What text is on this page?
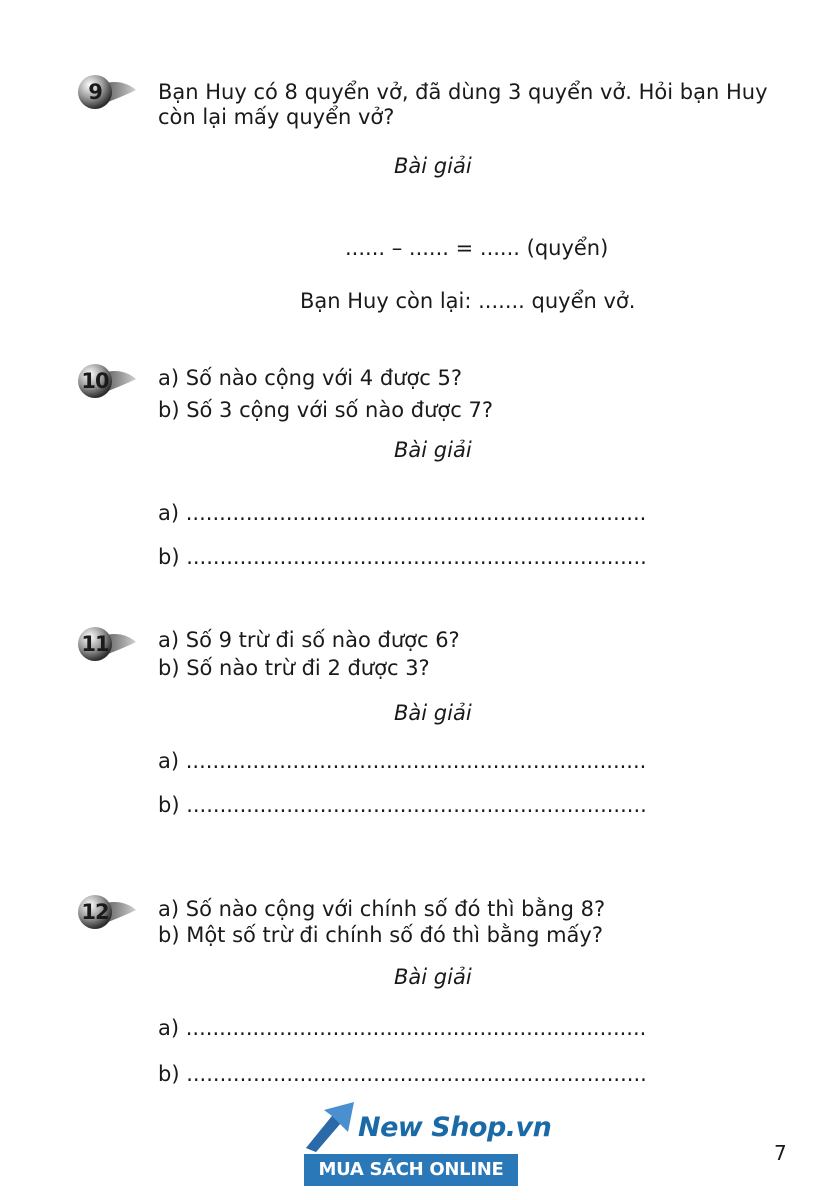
9	Bạn Huy có 8 quyển vở, đã dùng 3 quyển vở. Hỏi bạn Huy
còn lại mấy quyển vở?
Bài giải
...... – ...... = ...... (quyển)
Bạn Huy còn lại: ....... quyển vở.
10 a) Số nào cộng với 4 được 5?
b) Số 3 cộng với số nào được 7?
Bài giải
a) .....................................................................
b) .....................................................................
11 a) Số 9 trừ đi số nào được 6?
b) Số nào trừ đi 2 được 3?
Bài giải
a) .....................................................................
b) .....................................................................
12 a) Số nào cộng với chính số đó thì bằng 8?
b) Một số trừ đi chính số đó thì bằng mấy?
Bài giải
a) .....................................................................
b) .....................................................................
New Shop.vn
MUA SÁCH ONLINE
7
